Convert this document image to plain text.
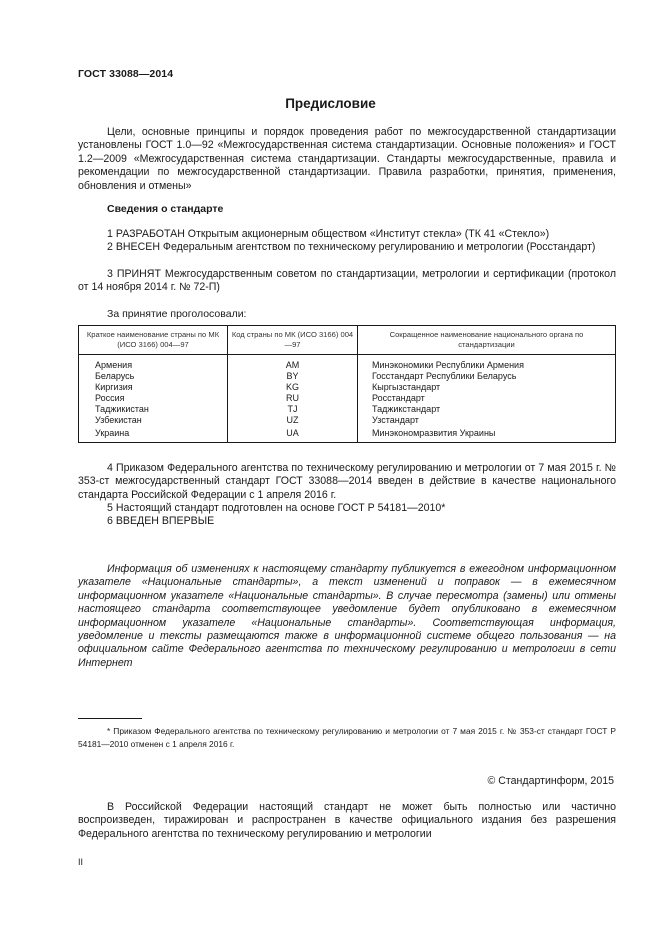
ГОСТ 33088—2014
Предисловие
Цели, основные принципы и порядок проведения работ по межгосударственной стандартизации установлены ГОСТ 1.0—92 «Межгосударственная система стандартизации. Основные положения» и ГОСТ 1.2—2009 «Межгосударственная система стандартизации. Стандарты межгосударственные, правила и рекомендации по межгосударственной стандартизации. Правила разработки, принятия, применения, обновления и отмены»
Сведения о стандарте
1 РАЗРАБОТАН Открытым акционерным обществом «Институт стекла» (ТК 41 «Стекло»)
2 ВНЕСЕН Федеральным агентством по техническому регулированию и метрологии (Росстандарт)
3 ПРИНЯТ Межгосударственным советом по стандартизации, метрологии и сертификации (протокол от 14 ноября 2014 г. № 72-П)
За принятие проголосовали:
Краткое наименование страны по МК (ИСО 3166) 004—97	Код страны по МК (ИСО 3166) 004—97	Сокращенное наименование национального органа по стандартизации
Армения	AM	Минэкономики Республики Армения
Беларусь	BY	Госстандарт Республики Беларусь
Киргизия	KG	Кыргызстандарт
Россия	RU	Росстандарт
Таджикистан	TJ	Таджикстандарт
Узбекистан	UZ	Узстандарт
Украина	UA	Минэкономразвития Украины
4 Приказом Федерального агентства по техническому регулированию и метрологии от 7 мая 2015 г. № 353-ст межгосударственный стандарт ГОСТ 33088—2014 введен в действие в качестве национального стандарта Российской Федерации с 1 апреля 2016 г.
5 Настоящий стандарт подготовлен на основе ГОСТ Р 54181—2010*
6 ВВЕДЕН ВПЕРВЫЕ
Информация об изменениях к настоящему стандарту публикуется в ежегодном информационном указателе «Национальные стандарты», а текст изменений и поправок — в ежемесячном информационном указателе «Национальные стандарты». В случае пересмотра (замены) или отмены настоящего стандарта соответствующее уведомление будет опубликовано в ежемесячном информационном указателе «Национальные стандарты». Соответствующая информация, уведомление и тексты размещаются также в информационной системе общего пользования — на официальном сайте Федерального агентства по техническому регулированию и метрологии в сети Интернет
* Приказом Федерального агентства по техническому регулированию и метрологии от 7 мая 2015 г. № 353-ст стандарт ГОСТ Р 54181—2010 отменен с 1 апреля 2016 г.
© Стандартинформ, 2015
В Российской Федерации настоящий стандарт не может быть полностью или частично воспроизведен, тиражирован и распространен в качестве официального издания без разрешения Федерального агентства по техническому регулированию и метрологии
II
